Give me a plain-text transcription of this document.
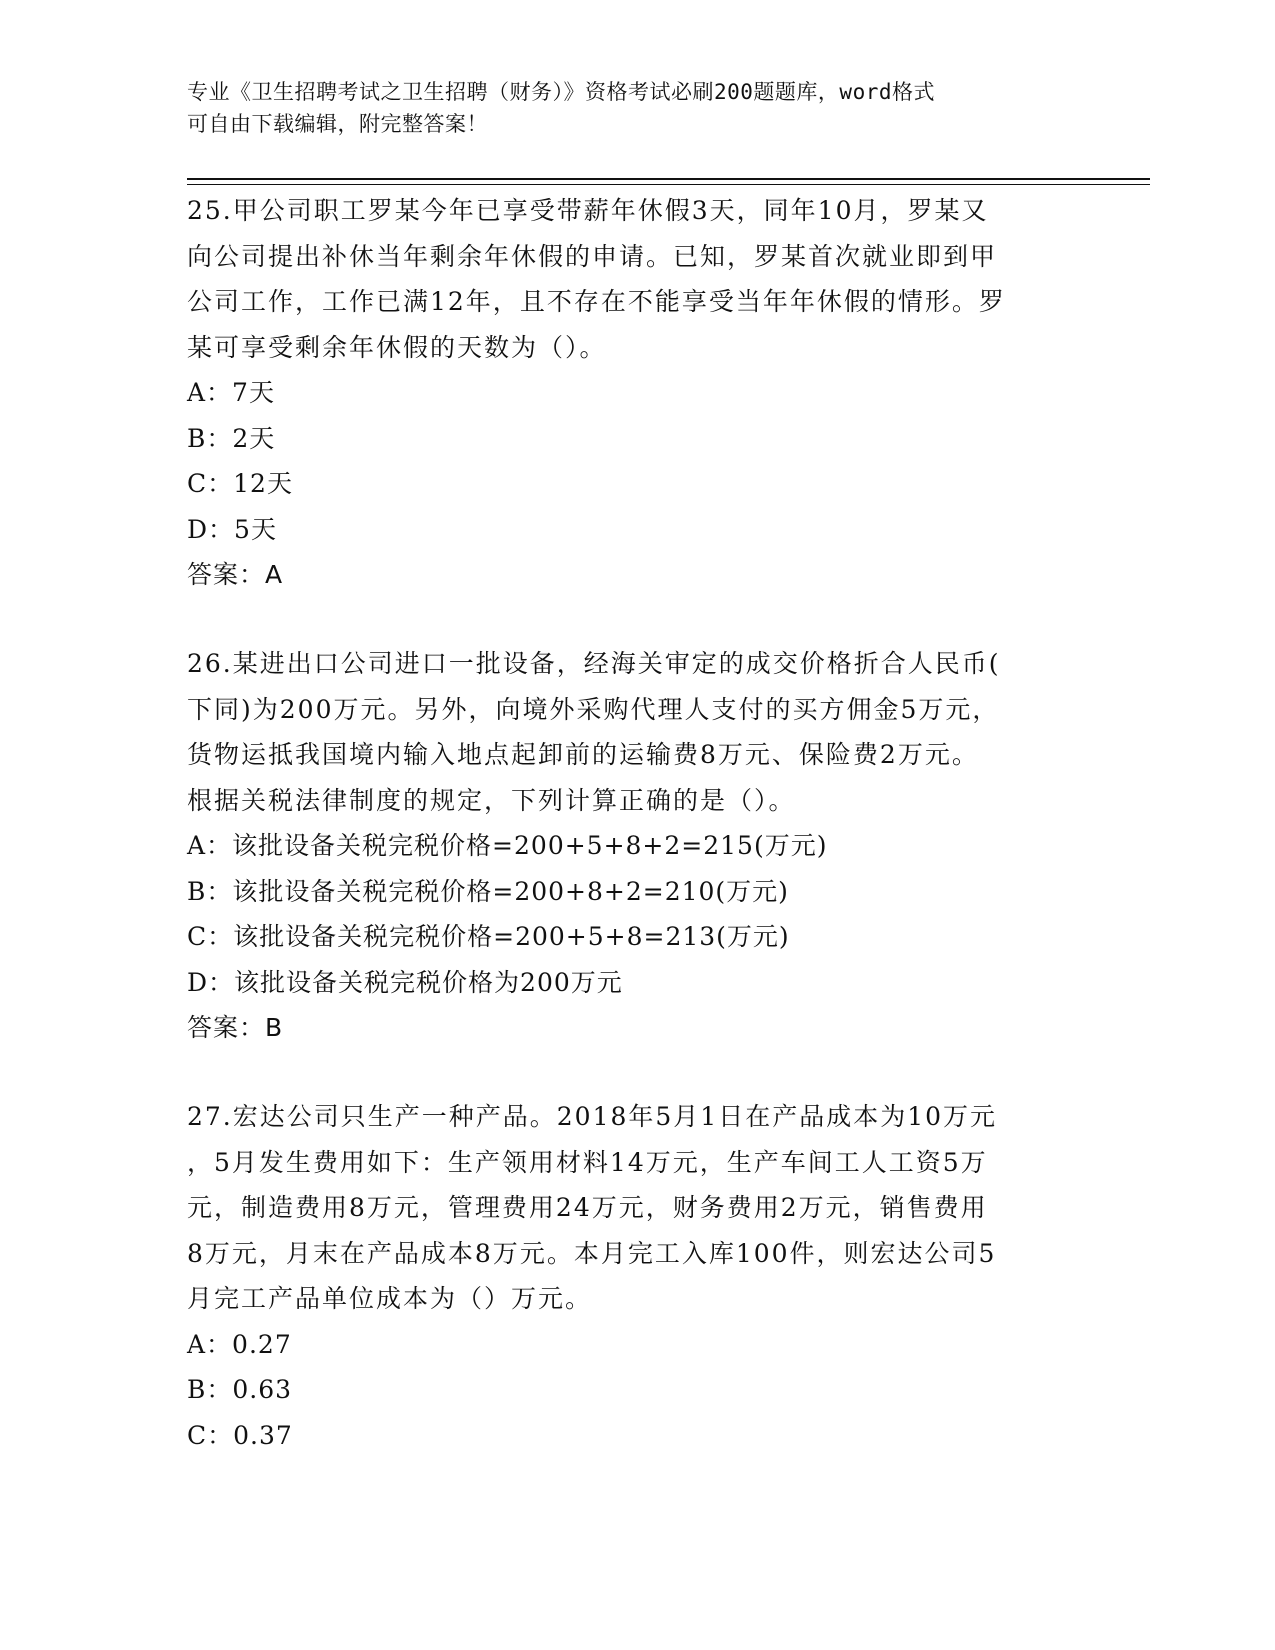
专业《卫生招聘考试之卫生招聘（财务）》资格考试必刷200题题库，word格式
可自由下载编辑，附完整答案！
25.甲公司职工罗某今年已享受带薪年休假3天，同年10月，罗某又
向公司提出补休当年剩余年休假的申请。已知，罗某首次就业即到甲
公司工作，工作已满12年，且不存在不能享受当年年休假的情形。罗
某可享受剩余年休假的天数为（）。
A：7天
B：2天
C：12天
D：5天
答案：A
26.某进出口公司进口一批设备，经海关审定的成交价格折合人民币(
下同)为200万元。另外，向境外采购代理人支付的买方佣金5万元，
货物运抵我国境内输入地点起卸前的运输费8万元、保险费2万元。
根据关税法律制度的规定，下列计算正确的是（）。
A：该批设备关税完税价格=200+5+8+2=215(万元)
B：该批设备关税完税价格=200+8+2=210(万元)
C：该批设备关税完税价格=200+5+8=213(万元)
D：该批设备关税完税价格为200万元
答案：B
27.宏达公司只生产一种产品。2018年5月1日在产品成本为10万元
，5月发生费用如下：生产领用材料14万元，生产车间工人工资5万
元，制造费用8万元，管理费用24万元，财务费用2万元，销售费用
8万元，月末在产品成本8万元。本月完工入库100件，则宏达公司5
月完工产品单位成本为（）万元。
A：0.27
B：0.63
C：0.37
